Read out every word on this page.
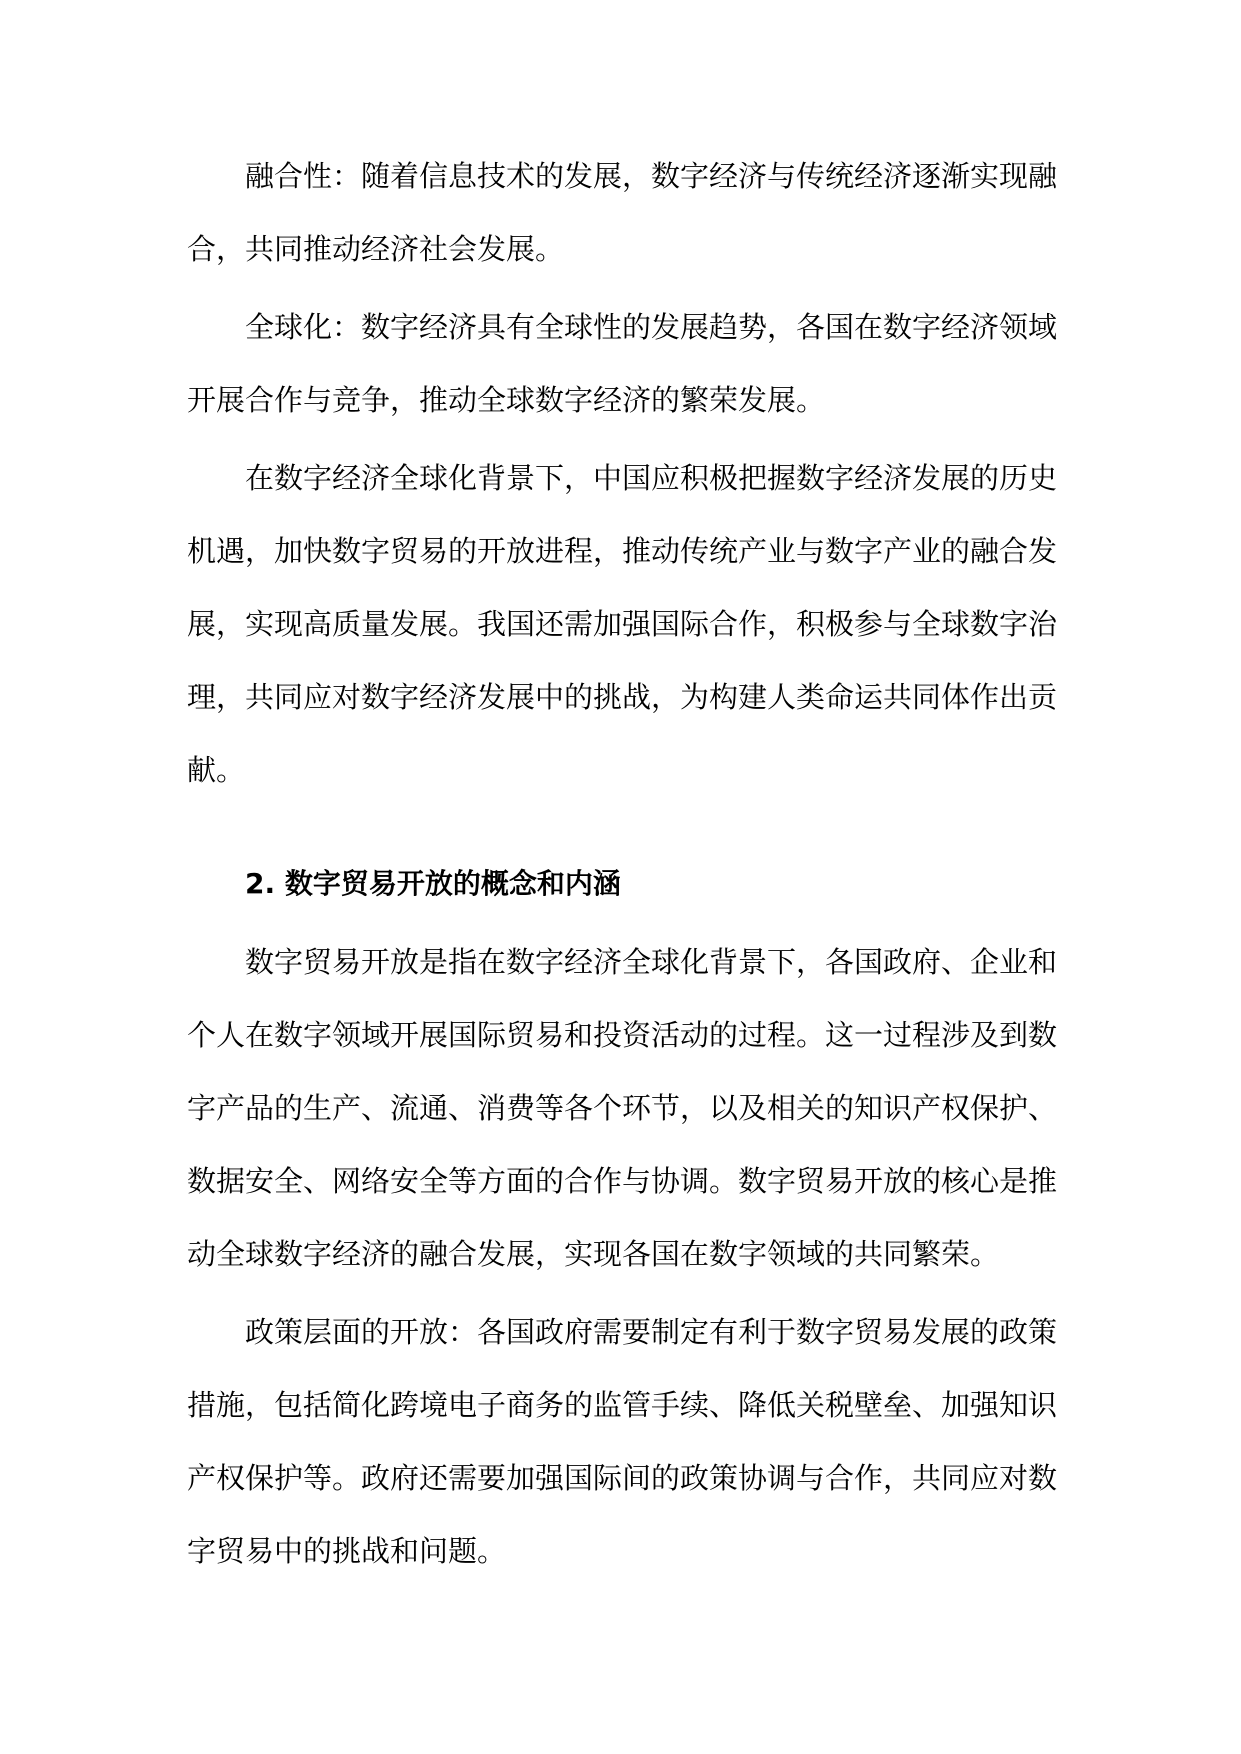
融合性：随着信息技术的发展，数字经济与传统经济逐渐实现融合，共同推动经济社会发展。

全球化：数字经济具有全球性的发展趋势，各国在数字经济领域开展合作与竞争，推动全球数字经济的繁荣发展。

在数字经济全球化背景下，中国应积极把握数字经济发展的历史机遇，加快数字贸易的开放进程，推动传统产业与数字产业的融合发展，实现高质量发展。我国还需加强国际合作，积极参与全球数字治理，共同应对数字经济发展中的挑战，为构建人类命运共同体作出贡献。

2. 数字贸易开放的概念和内涵

数字贸易开放是指在数字经济全球化背景下，各国政府、企业和个人在数字领域开展国际贸易和投资活动的过程。这一过程涉及到数字产品的生产、流通、消费等各个环节，以及相关的知识产权保护、数据安全、网络安全等方面的合作与协调。数字贸易开放的核心是推动全球数字经济的融合发展，实现各国在数字领域的共同繁荣。

政策层面的开放：各国政府需要制定有利于数字贸易发展的政策措施，包括简化跨境电子商务的监管手续、降低关税壁垒、加强知识产权保护等。政府还需要加强国际间的政策协调与合作，共同应对数字贸易中的挑战和问题。
